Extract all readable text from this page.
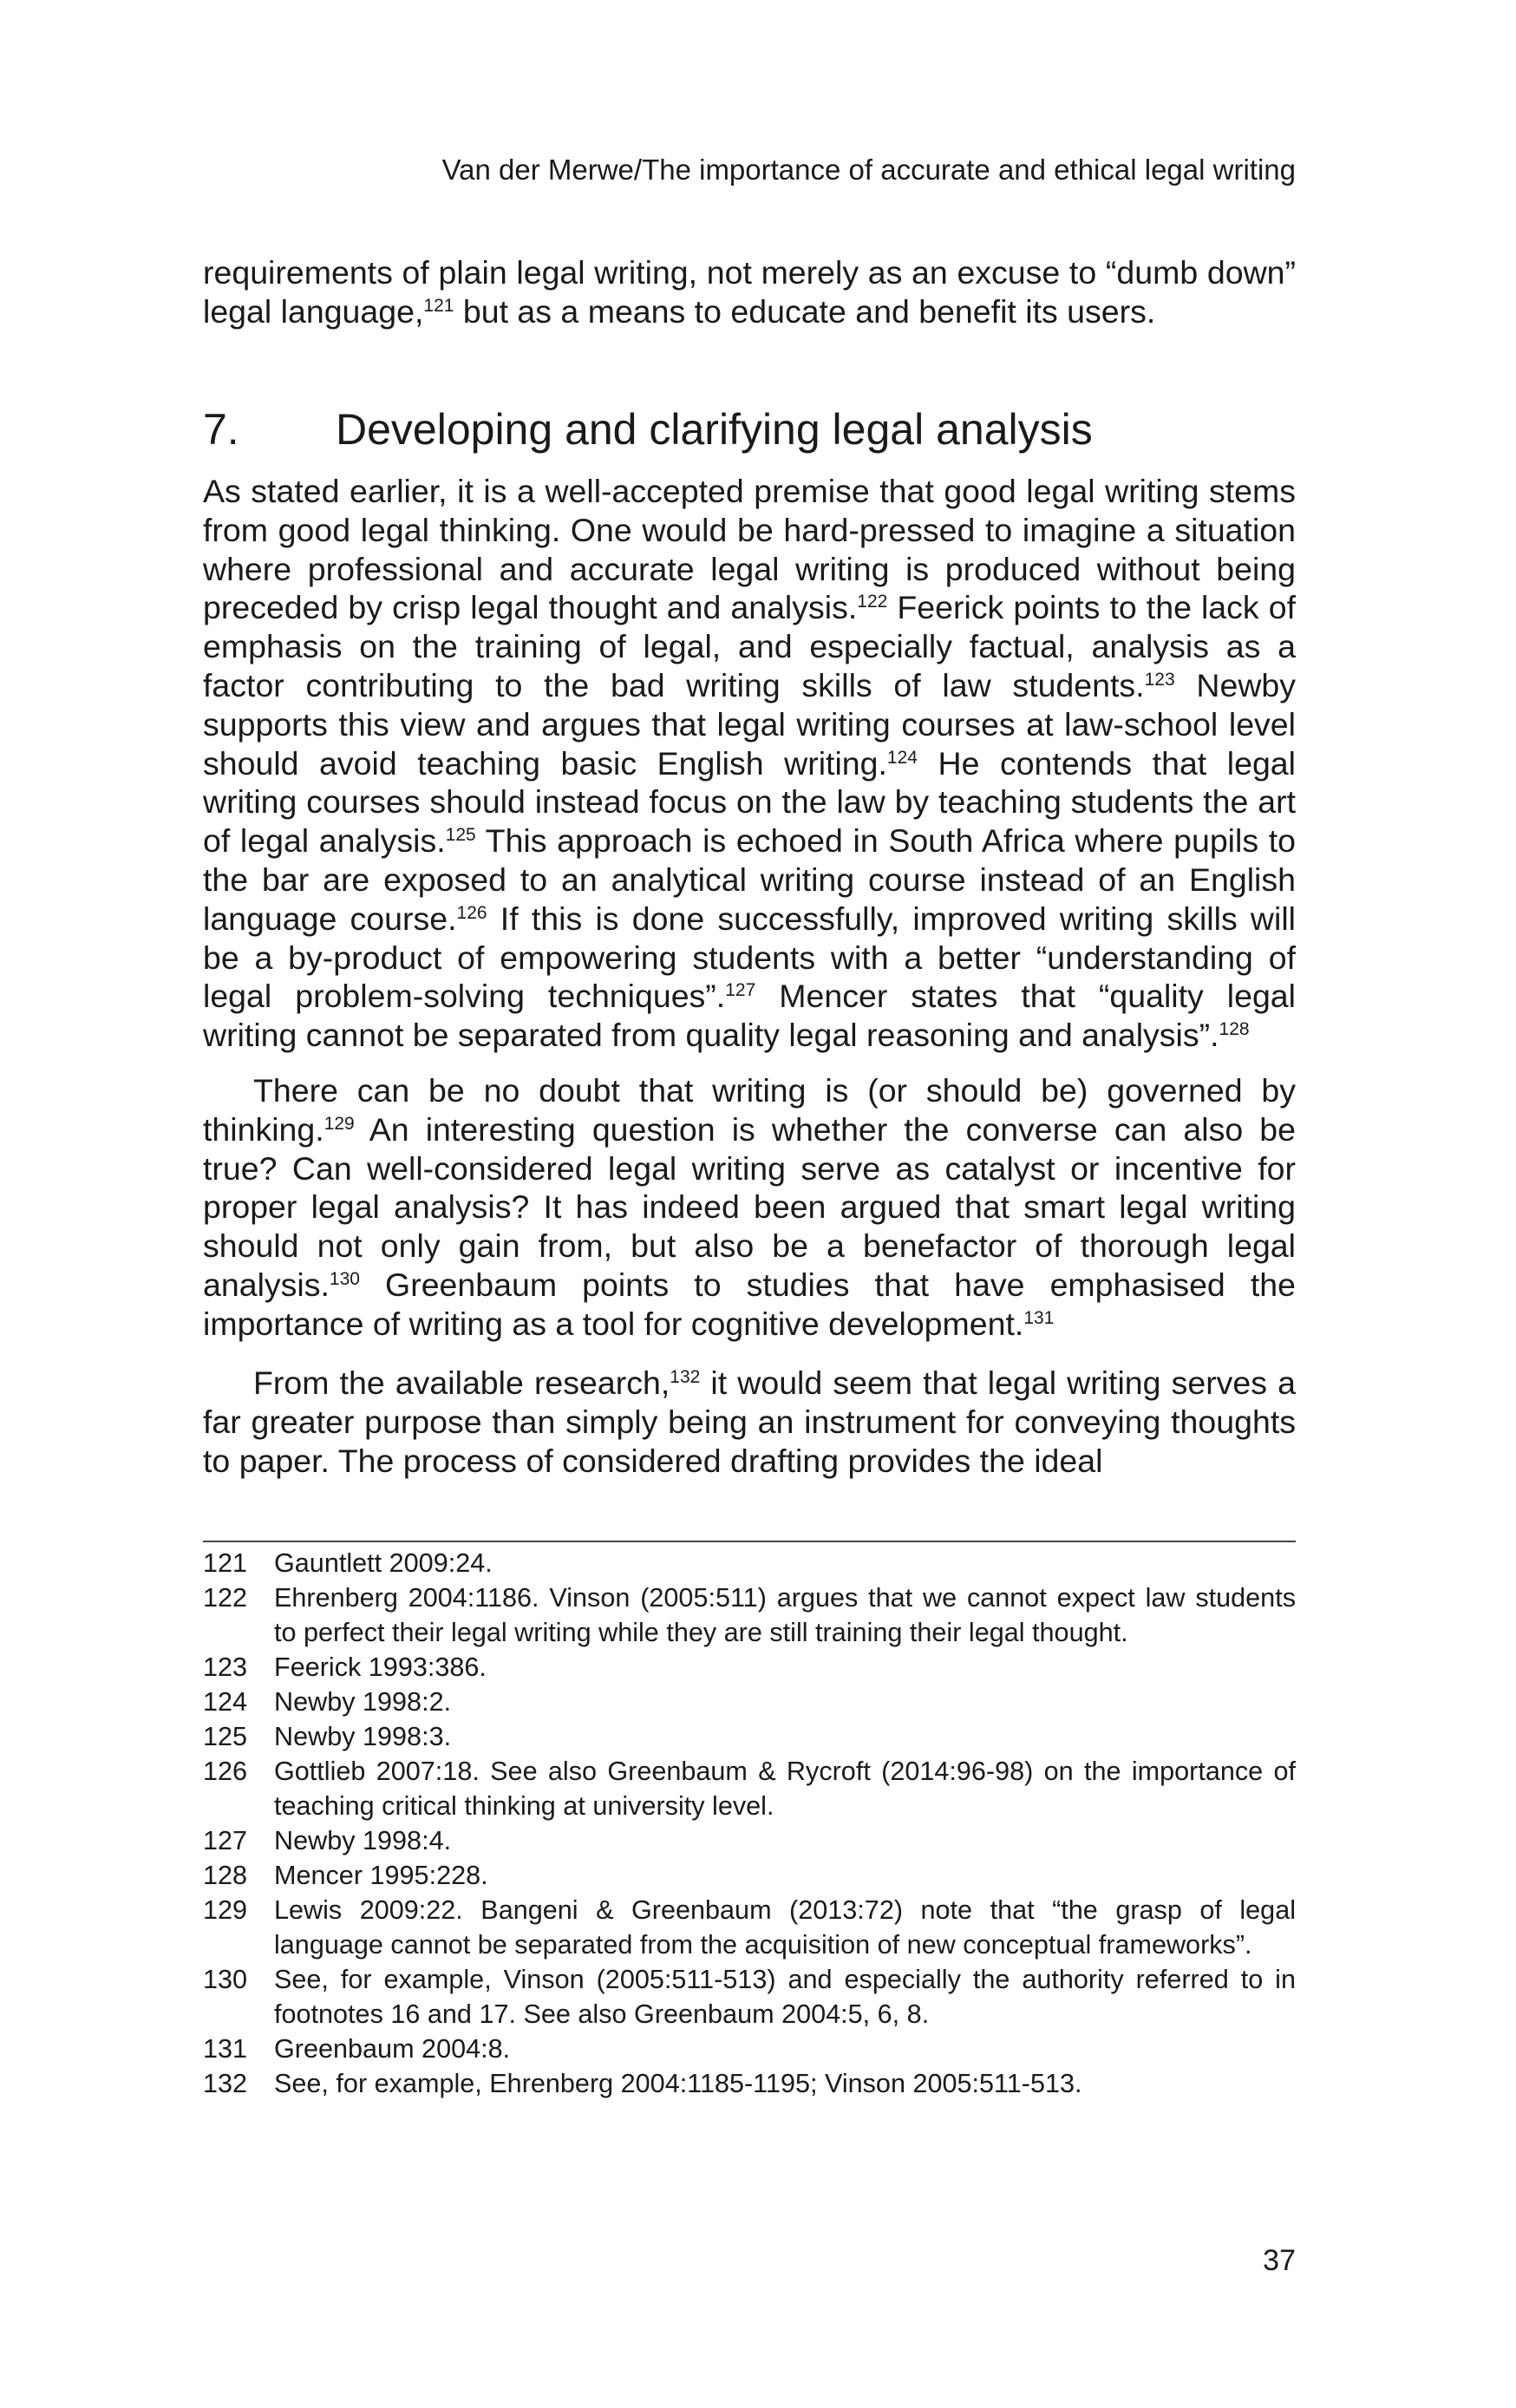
Van der Merwe/The importance of accurate and ethical legal writing

requirements of plain legal writing, not merely as an excuse to “dumb down” legal language,$^{121}$ but as a means to educate and benefit its users.

7. Developing and clarifying legal analysis

As stated earlier, it is a well-accepted premise that good legal writing stems from good legal thinking. One would be hard-pressed to imagine a situation where professional and accurate legal writing is produced without being preceded by crisp legal thought and analysis.$^{122}$ Feerick points to the lack of emphasis on the training of legal, and especially factual, analysis as a factor contributing to the bad writing skills of law students.$^{123}$ Newby supports this view and argues that legal writing courses at law-school level should avoid teaching basic English writing.$^{124}$ He contends that legal writing courses should instead focus on the law by teaching students the art of legal analysis.$^{125}$ This approach is echoed in South Africa where pupils to the bar are exposed to an analytical writing course instead of an English language course.$^{126}$ If this is done successfully, improved writing skills will be a by-product of empowering students with a better “understanding of legal problem-solving techniques”.$^{127}$ Mencer states that “quality legal writing cannot be separated from quality legal reasoning and analysis”.$^{128}$

There can be no doubt that writing is (or should be) governed by thinking.$^{129}$ An interesting question is whether the converse can also be true? Can well-considered legal writing serve as catalyst or incentive for proper legal analysis? It has indeed been argued that smart legal writing should not only gain from, but also be a benefactor of thorough legal analysis.$^{130}$ Greenbaum points to studies that have emphasised the importance of writing as a tool for cognitive development.$^{131}$

From the available research,$^{132}$ it would seem that legal writing serves a far greater purpose than simply being an instrument for conveying thoughts to paper. The process of considered drafting provides the ideal

121	Gauntlett 2009:24.
122	Ehrenberg 2004:1186. Vinson (2005:511) argues that we cannot expect law students to perfect their legal writing while they are still training their legal thought.
123	Feerick 1993:386.
124	Newby 1998:2.
125	Newby 1998:3.
126	Gottlieb 2007:18. See also Greenbaum & Rycroft (2014:96-98) on the importance of teaching critical thinking at university level.
127	Newby 1998:4.
128	Mencer 1995:228.
129	Lewis 2009:22. Bangeni & Greenbaum (2013:72) note that “the grasp of legal language cannot be separated from the acquisition of new conceptual frameworks”.
130	See, for example, Vinson (2005:511-513) and especially the authority referred to in footnotes 16 and 17. See also Greenbaum 2004:5, 6, 8.
131	Greenbaum 2004:8.
132	See, for example, Ehrenberg 2004:1185-1195; Vinson 2005:511-513.
37
